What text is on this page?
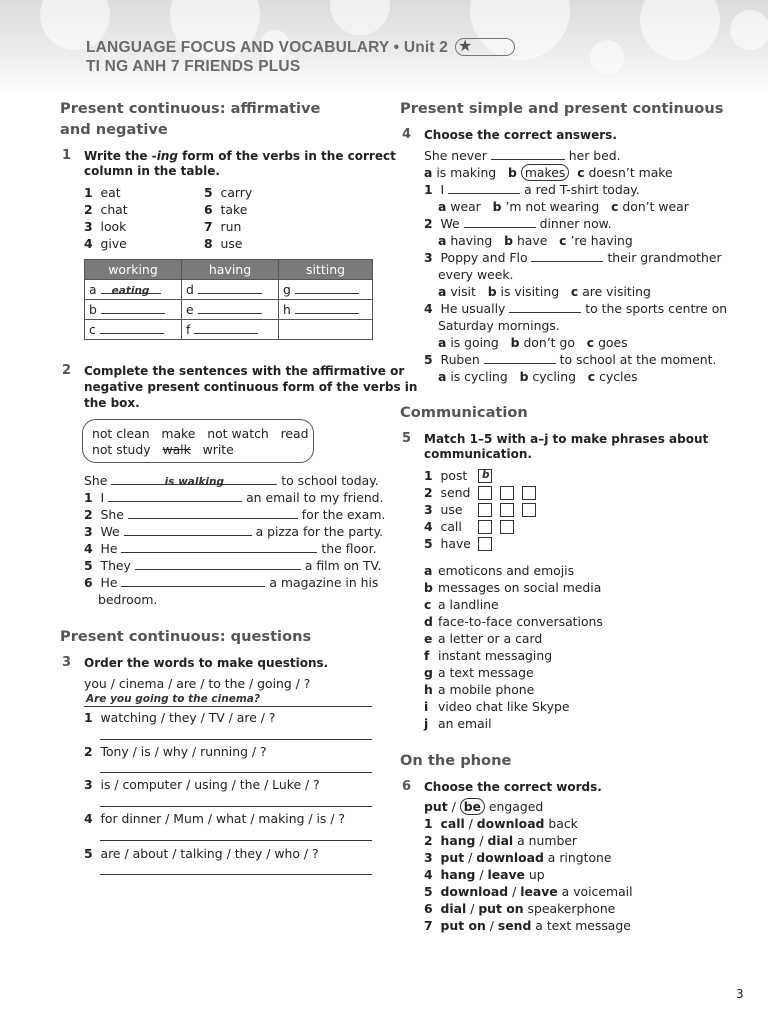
LANGUAGE FOCUS AND VOCABULARY • Unit 2 ★
TI NG ANH 7 FRIENDS PLUS
Present continuous: affirmative
and negative
1 Write the -ing form of the verbs in the correct
column in the table.
1 eat
2 chat
3 look
4 give
5 carry
6 take
7 run
8 use
working	having	sitting
a eating	d	g
b	e	h
c	f	
2 Complete the sentences with the affirmative or
negative present continuous form of the verbs in
the box.
not clean make not watch read
not study walk write
She	is walking	to school today.
1 I	an email to my friend.
2 She	for the exam.
3 We	a pizza for the party.
4 He	the floor.
5 They	a film on TV.
6 He	a magazine in his
bedroom.
Present continuous: questions
3 Order the words to make questions.
you / cinema / are / to the / going / ?
Are you going to the cinema?
1 watching / they / TV / are / ?
2 Tony / is / why / running / ?
3 is / computer / using / the / Luke / ?
4 for dinner / Mum / what / making / is / ?
5 are / about / talking / they / who / ?
Present simple and present continuous
4 Choose the correct answers.
She never	her bed.
a is making b makes c doesn’t make
1 I	a red T-shirt today.
a wear b ’m not wearing c don’t wear
2 We	dinner now.
a having b have c ’re having
3 Poppy and Flo	their grandmother
every week.
a visit b is visiting c are visiting
4 He usually	to the sports centre on
Saturday mornings.
a is going b don’t go c goes
5 Ruben	to school at the moment.
a is cycling b cycling c cycles
Communication
5 Match 1–5 with a–j to make phrases about
communication.
1 post
2 send
3 use
4 call
5 have
b
a emoticons and emojis
b messages on social media
c a landline
d face-to-face conversations
e a letter or a card
f instant messaging
g a text message
h a mobile phone
i video chat like Skype
j an email
On the phone
6 Choose the correct words.
put / be engaged
1 call / download back
2 hang / dial a number
3 put / download a ringtone
4 hang / leave up
5 download / leave a voicemail
6 dial / put on speakerphone
7 put on / send a text message
3
